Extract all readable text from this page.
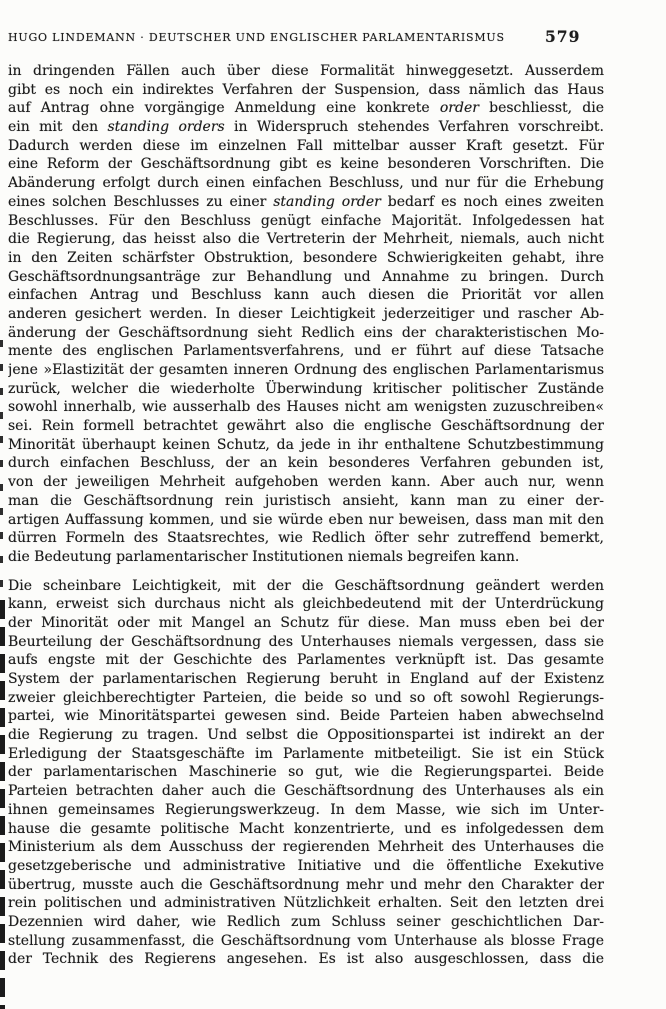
HUGO LINDEMANN · DEUTSCHER UND ENGLISCHER PARLAMENTARISMUS	579
in dringenden Fällen auch über diese Formalität hinweggesetzt. Ausserdem
gibt es noch ein indirektes Verfahren der Suspension, dass nämlich das Haus
auf Antrag ohne vorgängige Anmeldung eine konkrete order beschliesst, die
ein mit den standing orders in Widerspruch stehendes Verfahren vorschreibt.
Dadurch werden diese im einzelnen Fall mittelbar ausser Kraft gesetzt. Für
eine Reform der Geschäftsordnung gibt es keine besonderen Vorschriften. Die
Abänderung erfolgt durch einen einfachen Beschluss, und nur für die Erhebung
eines solchen Beschlusses zu einer standing order bedarf es noch eines zweiten
Beschlusses. Für den Beschluss genügt einfache Majorität. Infolgedessen hat
die Regierung, das heisst also die Vertreterin der Mehrheit, niemals, auch nicht
in den Zeiten schärfster Obstruktion, besondere Schwierigkeiten gehabt, ihre
Geschäftsordnungsanträge zur Behandlung und Annahme zu bringen. Durch
einfachen Antrag und Beschluss kann auch diesen die Priorität vor allen
anderen gesichert werden. In dieser Leichtigkeit jederzeitiger und rascher Ab-
änderung der Geschäftsordnung sieht Redlich eins der charakteristischen Mo-
mente des englischen Parlamentsverfahrens, und er führt auf diese Tatsache
jene »Elastizität der gesamten inneren Ordnung des englischen Parlamentarismus
zurück, welcher die wiederholte Überwindung kritischer politischer Zustände
sowohl innerhalb, wie ausserhalb des Hauses nicht am wenigsten zuzuschreiben«
sei. Rein formell betrachtet gewährt also die englische Geschäftsordnung der
Minorität überhaupt keinen Schutz, da jede in ihr enthaltene Schutzbestimmung
durch einfachen Beschluss, der an kein besonderes Verfahren gebunden ist,
von der jeweiligen Mehrheit aufgehoben werden kann. Aber auch nur, wenn
man die Geschäftsordnung rein juristisch ansieht, kann man zu einer der-
artigen Auffassung kommen, und sie würde eben nur beweisen, dass man mit den
dürren Formeln des Staatsrechtes, wie Redlich öfter sehr zutreffend bemerkt,
die Bedeutung parlamentarischer Institutionen niemals begreifen kann.
Die scheinbare Leichtigkeit, mit der die Geschäftsordnung geändert werden
kann, erweist sich durchaus nicht als gleichbedeutend mit der Unterdrückung
der Minorität oder mit Mangel an Schutz für diese. Man muss eben bei der
Beurteilung der Geschäftsordnung des Unterhauses niemals vergessen, dass sie
aufs engste mit der Geschichte des Parlamentes verknüpft ist. Das gesamte
System der parlamentarischen Regierung beruht in England auf der Existenz
zweier gleichberechtigter Parteien, die beide so und so oft sowohl Regierungs-
partei, wie Minoritätspartei gewesen sind. Beide Parteien haben abwechselnd
die Regierung zu tragen. Und selbst die Oppositionspartei ist indirekt an der
Erledigung der Staatsgeschäfte im Parlamente mitbeteiligt. Sie ist ein Stück
der parlamentarischen Maschinerie so gut, wie die Regierungspartei. Beide
Parteien betrachten daher auch die Geschäftsordnung des Unterhauses als ein
ihnen gemeinsames Regierungswerkzeug. In dem Masse, wie sich im Unter-
hause die gesamte politische Macht konzentrierte, und es infolgedessen dem
Ministerium als dem Ausschuss der regierenden Mehrheit des Unterhauses die
gesetzgeberische und administrative Initiative und die öffentliche Exekutive
übertrug, musste auch die Geschäftsordnung mehr und mehr den Charakter der
rein politischen und administrativen Nützlichkeit erhalten. Seit den letzten drei
Dezennien wird daher, wie Redlich zum Schluss seiner geschichtlichen Dar-
stellung zusammenfasst, die Geschäftsordnung vom Unterhause als blosse Frage
der Technik des Regierens angesehen. Es ist also ausgeschlossen, dass die
